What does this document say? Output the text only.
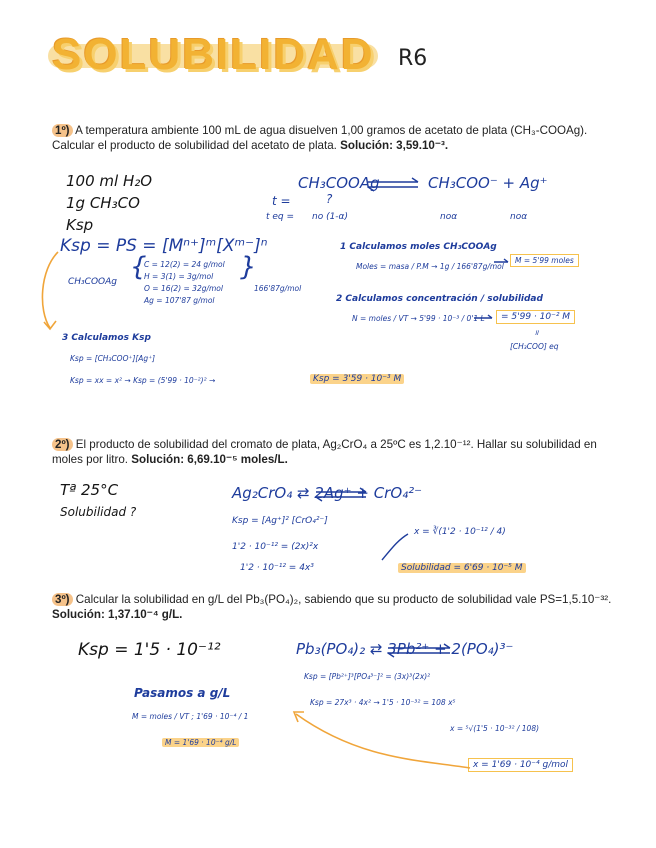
SOLUBILIDAD R6
1º) A temperatura ambiente 100 mL de agua disuelven 1,00 gramos de acetato de plata (CH₃-COOAg). Calcular el producto de solubilidad del acetato de plata. Solución: 3,59.10⁻³.
100 ml H₂O
1g CH₃CO
Ksp
Ksp = PS = [Mⁿ⁺]ᵐ[Xᵐ⁻]ⁿ
CH₃COOAg	CH₃COO⁻ + Ag⁺
t =	?
t eq = no (1-α)	noα	noα
CH₃COOAg {
C = 12(2) = 24 g/mol
H = 3(1) = 3g/mol
O = 16(2) = 32g/mol
Ag = 107'87 g/mol
}
166'87g/mol
1 Calculamos moles CH₃COOAg
Moles = masa / P.M → 1g / 166'87g/mol
M = 5'99 moles
2 Calculamos concentración / solubilidad
N = moles / VT → 5'99 · 10⁻³ / 0'1 L	= 5'99 · 10⁻² M
॥
[CH₃COO] eq
3 Calculamos Ksp
Ksp = [CH₃COO⁺][Ag⁺]
Ksp = xx = x² → Ksp = (5'99 · 10⁻²)² →	Ksp = 3'59 · 10⁻³ M
2º) El producto de solubilidad del cromato de plata, Ag₂CrO₄ a 25ºC es 1,2.10⁻¹². Hallar su solubilidad en moles por litro. Solución: 6,69.10⁻⁵ moles/L.
Tª 25°C
Solubilidad ?
Ag₂CrO₄ ⇄ 2Ag⁺ + CrO₄²⁻
Ksp = [Ag⁺]² [CrO₄²⁻]
1'2 · 10⁻¹² = (2x)²x
1'2 · 10⁻¹² = 4x³
x = ∛(1'2 · 10⁻¹² / 4)
Solubilidad = 6'69 · 10⁻⁵ M
3º) Calcular la solubilidad en g/L del Pb₃(PO₄)₂, sabiendo que su producto de solubilidad vale PS=1,5.10⁻³². Solución: 1,37.10⁻⁴ g/L.
Ksp = 1'5 · 10⁻¹²	Pb₃(PO₄)₂ ⇄ 3Pb²⁺ + 2(PO₄)³⁻
Ksp = [Pb²⁺]³[PO₄³⁻]² = (3x)³(2x)²
Ksp = 27x³ · 4x² → 1'5 · 10⁻³² = 108 x⁵
x = ⁵√(1'5 · 10⁻³² / 108)
x = 1'69 · 10⁻⁴ g/mol
Pasamos a g/L
M = moles / VT ; 1'69 · 10⁻⁴ / 1
M = 1'69 · 10⁻⁴ g/L
